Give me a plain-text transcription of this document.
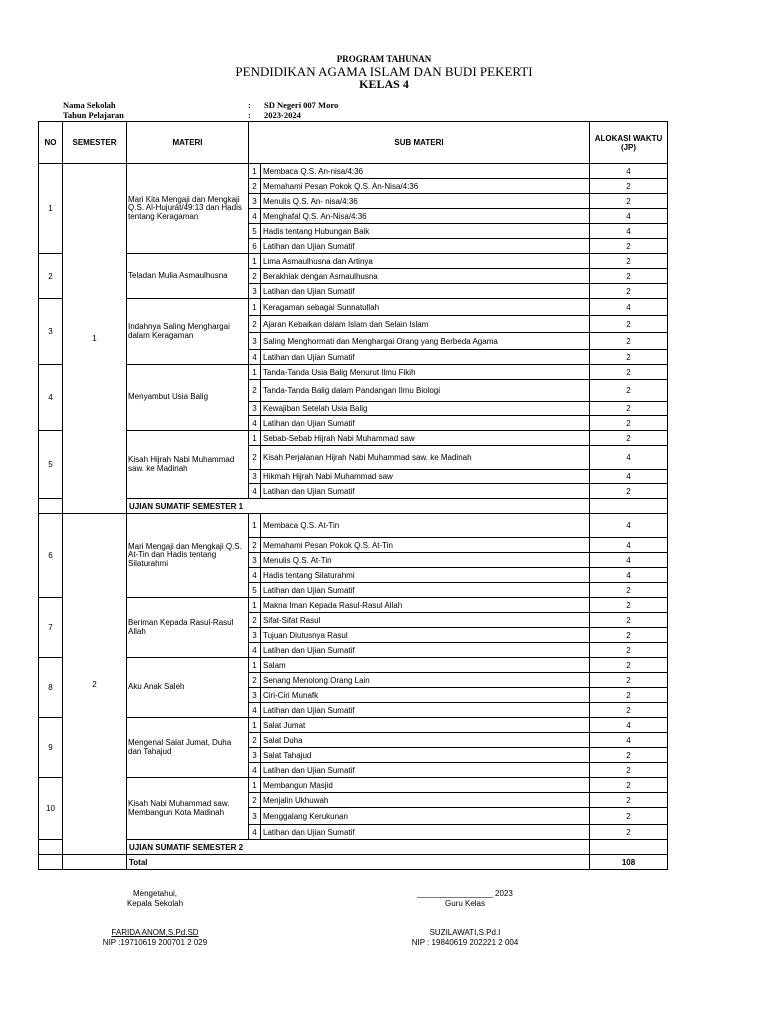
PROGRAM TAHUNAN
PENDIDIKAN AGAMA ISLAM DAN BUDI PEKERTI
KELAS 4
Nama Sekolah	: SD Negeri 007 Moro
Tahun Pelajaran	: 2023-2024
NO	SEMESTER	MATERI	SUB MATERI		ALOKASI WAKTU (JP)
1	1	Mari Kita Mengaji dan Mengkaji Q.S. Al-Hujurāt/49:13 dan Hadis tentang Keragaman	1	Membaca Q.S. An-nisa/4:36	4
			2	Memahami Pesan Pokok Q.S. An-Nisa/4:36	2
			3	Menulis Q.S. An- nisa/4:36	2
			4	Menghafal Q.S. An-Nisa/4:36	4
			5	Hadis tentang Hubungan Baik	4
			6	Latihan dan Ujian Sumatif	2
2		Teladan Mulia Asmaulhusna	1	Lima Asmaulhusna dan Artinya	2
			2	Berakhlak dengan Asmaulhusna	2
			3	Latihan dan Ujian Sumatif	2
3		Indahnya Saling Menghargai dalam Keragaman	1	Keragaman sebagai Sunnatullah	4
			2	Ajaran Kebaikan dalam Islam dan Selain Islam	2
			3	Saling Menghormati dan Menghargai Orang yang Berbeda Agama	2
			4	Latihan dan Ujian Sumatif	2
4		Menyambut Usia Balig	1	Tanda-Tanda Usia Balig Menurut Ilmu Fikih	2
			2	Tanda-Tanda Balig dalam Pandangan Ilmu Biologi	2
			3	Kewajiban Setelah Usia Balig	2
			4	Latihan dan Ujian Sumatif	2
5		Kisah Hijrah Nabi Muhammad saw. ke Madinah	1	Sebab-Sebab Hijrah Nabi Muhammad saw	2
			2	Kisah Perjalanan Hijrah Nabi Muhammad saw. ke Madinah	4
			3	Hikmah Hijrah Nabi Muhammad saw	4
			4	Latihan dan Ujian Sumatif	2
		UJIAN SUMATIF SEMESTER 1			
6	2	Mari Mengaji dan Mengkaji Q.S. At-Tin dan Hadis tentang Silaturahmi	1	Membaca Q.S. At-Tin	4
			2	Memahami Pesan Pokok Q.S. At-Tin	4
			3	Menulis Q.S. At-Tin	4
			4	Hadis tentang Silaturahmi	4
			5	Latihan dan Ujian Sumatif	2
7		Beriman Kepada Rasul-Rasul Allah	1	Makna Iman Kepada Rasul-Rasul Allah	2
			2	Sifat-Sifat Rasul	2
			3	Tujuan Diutusnya Rasul	2
			4	Latihan dan Ujian Sumatif	2
8		Aku Anak Saleh	1	Salam	2
			2	Senang Menolong Orang Lain	2
			3	Ciri-Ciri Munafk	2
			4	Latihan dan Ujian Sumatif	2
9		Mengenal Salat Jumat, Duha dan Tahajud	1	Salat Jumat	4
			2	Salat Duha	4
			3	Salat Tahajud	2
			4	Latihan dan Ujian Sumatif	2
10		Kisah Nabi Muhammad saw. Membangun Kota Madinah	1	Membangun Masjid	2
			2	Menjalin Ukhuwah	2
			3	Menggalang Kerukunan	2
			4	Latihan dan Ujian Sumatif	2
		UJIAN SUMATIF SEMESTER 2			
		Total			108
Mengetahui,
Kepala Sekolah
FARIDA ANOM,S.Pd.SD
NIP :19710619 200701 2 029
_________________ 2023
Guru Kelas
SUZILAWATI,S.Pd.I
NIP : 19840619 202221 2 004
